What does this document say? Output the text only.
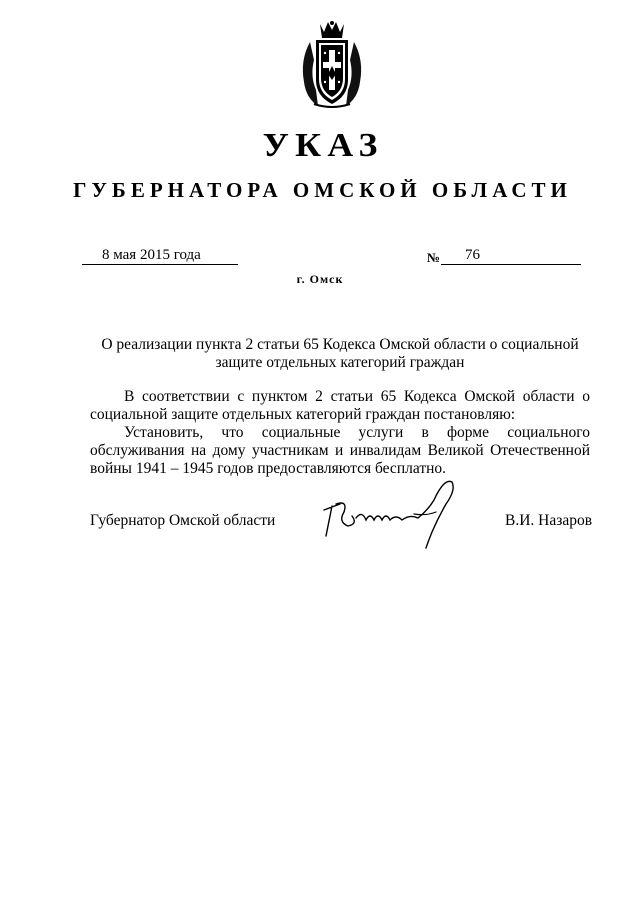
УКАЗ
ГУБЕРНАТОРА ОМСКОЙ ОБЛАСТИ
8 мая 2015 года	№ 76
г. Омск
О реализации пункта 2 статьи 65 Кодекса Омской области о социальной защите отдельных категорий граждан

В соответствии с пунктом 2 статьи 65 Кодекса Омской области о социальной защите отдельных категорий граждан постановляю:

Установить, что социальные услуги в форме социального обслуживания на дому участникам и инвалидам Великой Отечественной войны 1941 – 1945 годов предоставляются бесплатно.

Губернатор Омской области	В.И. Назаров
